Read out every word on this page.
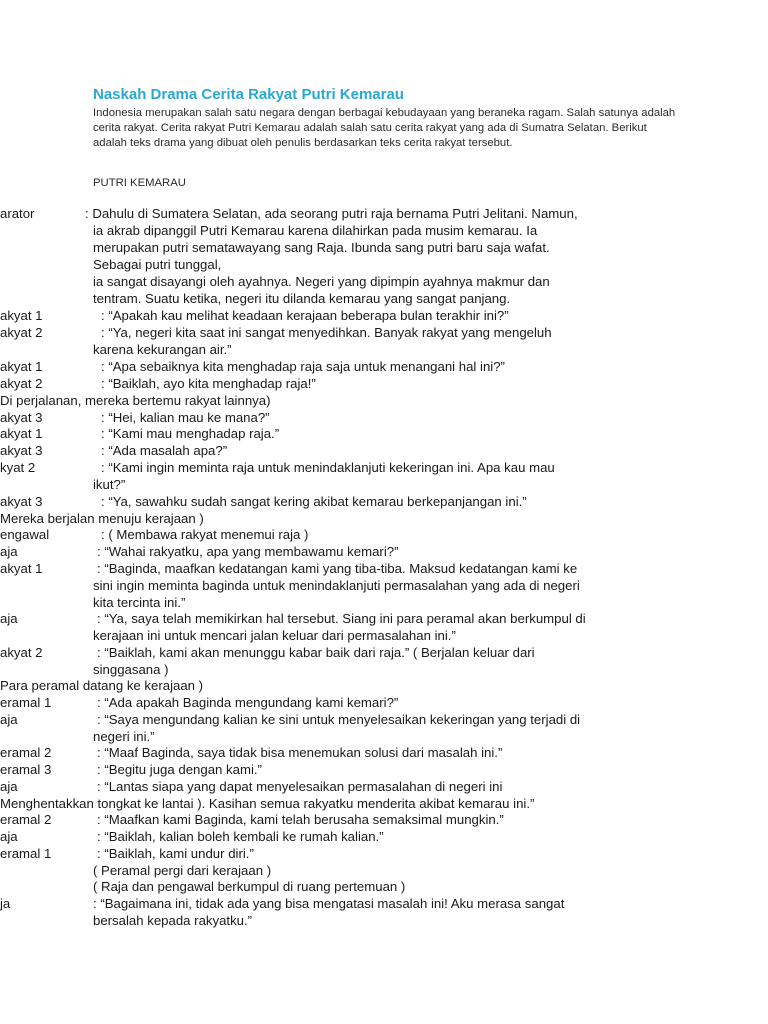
Naskah Drama Cerita Rakyat Putri Kemarau
Indonesia merupakan salah satu negara dengan berbagai kebudayaan yang beraneka ragam. Salah satunya adalah cerita rakyat. Cerita rakyat Putri Kemarau adalah salah satu cerita rakyat yang ada di Sumatra Selatan. Berikut adalah teks drama yang dibuat oleh penulis berdasarkan teks cerita rakyat tersebut.
PUTRI KEMARAU
arator	: Dahulu di Sumatera Selatan, ada seorang putri raja bernama Putri Jelitani. Namun,
ia akrab dipanggil Putri Kemarau karena dilahirkan pada musim kemarau. Ia
merupakan putri sematawayang sang Raja. Ibunda sang putri baru saja wafat.
Sebagai putri tunggal,
ia sangat disayangi oleh ayahnya. Negeri yang dipimpin ayahnya makmur dan
tentram. Suatu ketika, negeri itu dilanda kemarau yang sangat panjang.
akyat 1	: “Apakah kau melihat keadaan kerajaan beberapa bulan terakhir ini?”
akyat 2	: “Ya, negeri kita saat ini sangat menyedihkan. Banyak rakyat yang mengeluh
karena kekurangan air.”
akyat 1	: “Apa sebaiknya kita menghadap raja saja untuk menangani hal ini?”
akyat 2	: “Baiklah, ayo kita menghadap raja!”
Di perjalanan, mereka bertemu rakyat lainnya)
akyat 3	: “Hei, kalian mau ke mana?”
akyat 1	: “Kami mau menghadap raja.”
akyat 3	: “Ada masalah apa?”
kyat 2	: “Kami ingin meminta raja untuk menindaklanjuti kekeringan ini. Apa kau mau
ikut?”
akyat 3	: “Ya, sawahku sudah sangat kering akibat kemarau berkepanjangan ini.”
Mereka berjalan menuju kerajaan )
engawal	: ( Membawa rakyat menemui raja )
aja	: “Wahai rakyatku, apa yang membawamu kemari?”
akyat 1	: “Baginda, maafkan kedatangan kami yang tiba-tiba. Maksud kedatangan kami ke
sini ingin meminta baginda untuk menindaklanjuti permasalahan yang ada di negeri
kita tercinta ini.”
aja	: “Ya, saya telah memikirkan hal tersebut. Siang ini para peramal akan berkumpul di
kerajaan ini untuk mencari jalan keluar dari permasalahan ini.”
akyat 2	: “Baiklah, kami akan menunggu kabar baik dari raja.” ( Berjalan keluar dari
singgasana )
Para peramal datang ke kerajaan )
eramal 1	: “Ada apakah Baginda mengundang kami kemari?”
aja	: “Saya mengundang kalian ke sini untuk menyelesaikan kekeringan yang terjadi di
negeri ini.”
eramal 2	: “Maaf Baginda, saya tidak bisa menemukan solusi dari masalah ini.”
eramal 3	: “Begitu juga dengan kami.”
aja	: “Lantas siapa yang dapat menyelesaikan permasalahan di negeri ini
Menghentakkan tongkat ke lantai ). Kasihan semua rakyatku menderita akibat kemarau ini.”
eramal 2	: “Maafkan kami Baginda, kami telah berusaha semaksimal mungkin.”
aja	: “Baiklah, kalian boleh kembali ke rumah kalian.”
eramal 1	: “Baiklah, kami undur diri.”
( Peramal pergi dari kerajaan )
( Raja dan pengawal berkumpul di ruang pertemuan )
ja	: “Bagaimana ini, tidak ada yang bisa mengatasi masalah ini! Aku merasa sangat
bersalah kepada rakyatku.”
